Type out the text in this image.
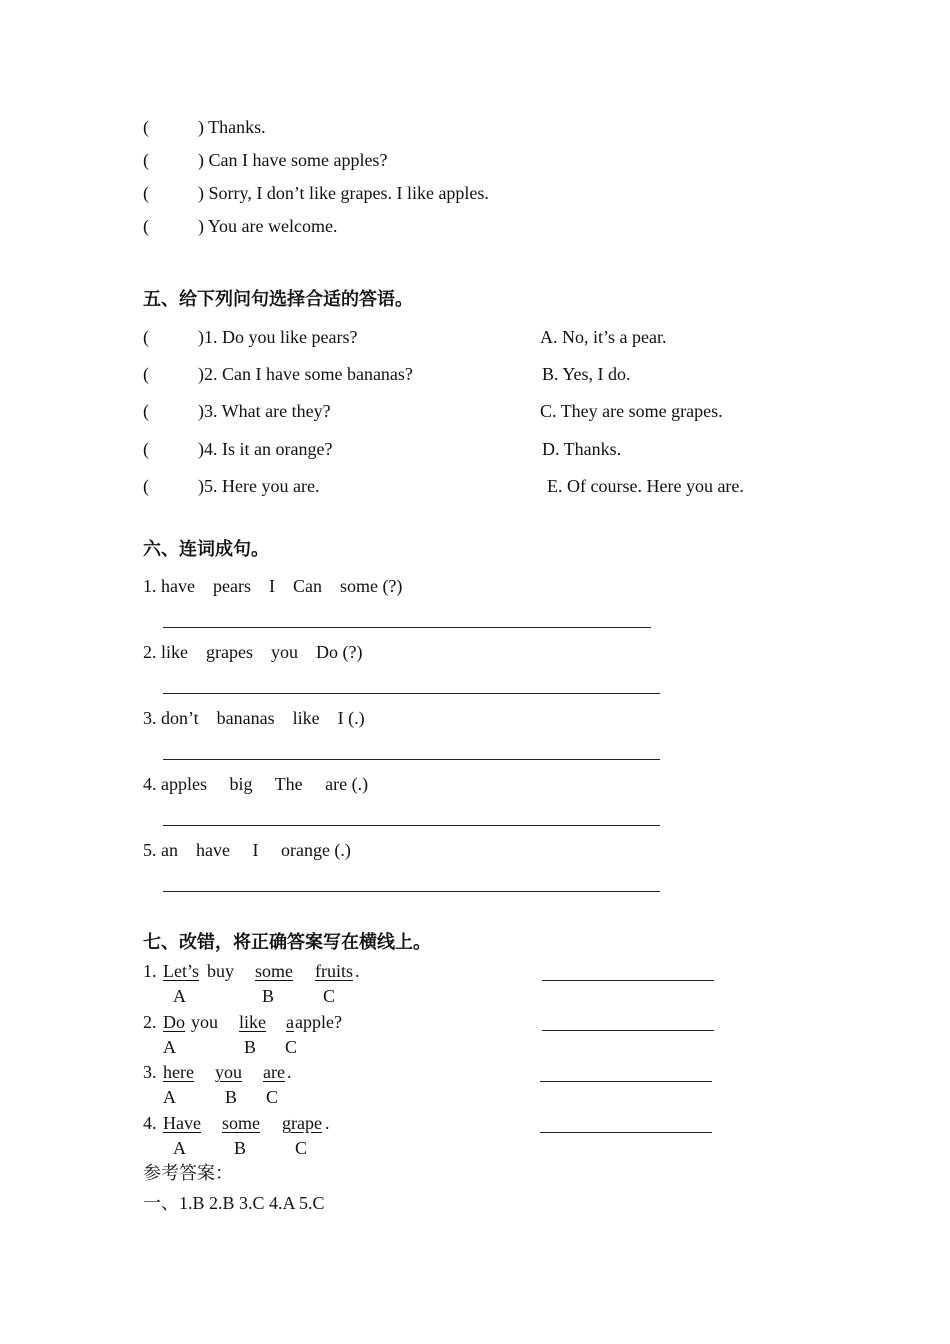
(	) Thanks.
(	) Can I have some apples?
(	) Sorry, I don’t like grapes. I like apples.
(	) You are welcome.
五、给下列问句选择合适的答语。
(	)1. Do you like pears?	A. No, it’s a pear.
(	)2. Can I have some bananas?	B. Yes, I do.
(	)3. What are they?	C. They are some grapes.
(	)4. Is it an orange?	D. Thanks.
(	)5. Here you are.	E. Of course. Here you are.
六、连词成句。
1. have    pears    I    Can    some (?)
2. like    grapes    you    Do (?)
3. don’t    bananas    like    I (.)
4. apples     big     The     are (.)
5. an    have     I     orange (.)
七、改错，将正确答案写在横线上。
1. Let’s buy some fruits .
A	B	C
2. Do you like a apple?
A	B C
3. here you are .
A	B C
4. Have some grape .
A	B	C
参考答案：
一、1.B 2.B 3.C 4.A 5.C
